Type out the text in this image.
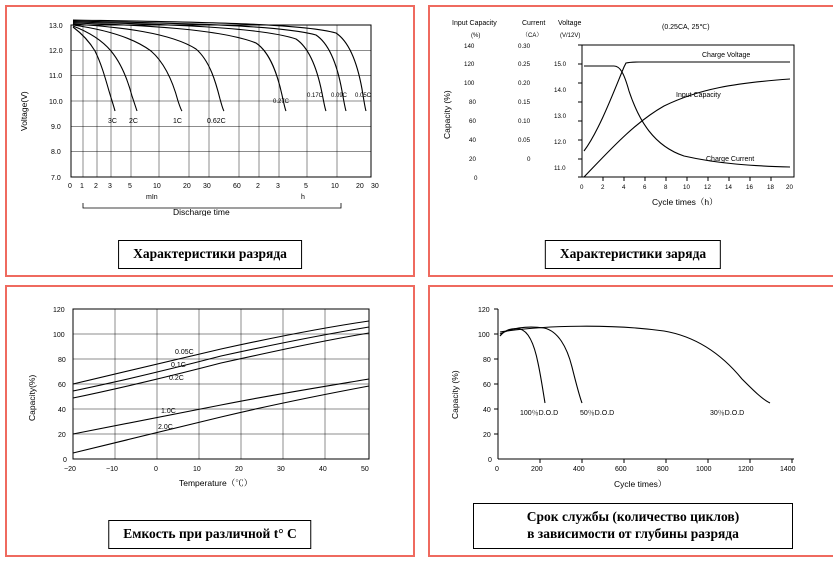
Voltage(V)
13.0
12.0
11.0
10.0
9.0
8.0
7.0
0 1 2 3 5	10	20 30	60 2 3	5	10 20 30
mIn	h
3C 2C	1C	0.62C
0.27C
0.17C 0.09C 0.05C
Discharge time
Характеристики разряда
Input Capacity	Current Voltage
(%)	（CA）	(V/12V)
(0.25CA, 25℃)
Capacity (%)
140
120
100
80
60
40
20
0
0.30
0.25
0.20
0.15
0.10
0.05
0
15.0
14.0
13.0
12.0
11.0
Charge Voltage
Input Capacity
Charge Current
0	2	4	6	8	10 12 14 16 18 20
Cycle times（h）
Характеристики заряда
Capacity(%)
120
100
80
60
40
20
0
−20	−10	0	10	20	30	40	50
0.05C
0.1C
0.2C
1.0C
2.0C
Temperature（℃）
Емкость при различной t° C
Capacity (%)
120
100
80
60
40
20
0
0	200	400	600	800	1000	1200	1400
100％D.O.D	50％D.O.D	30％D.O.D
Cycle times）
Срок службы (количество циклов)
в зависимости от глубины разряда
